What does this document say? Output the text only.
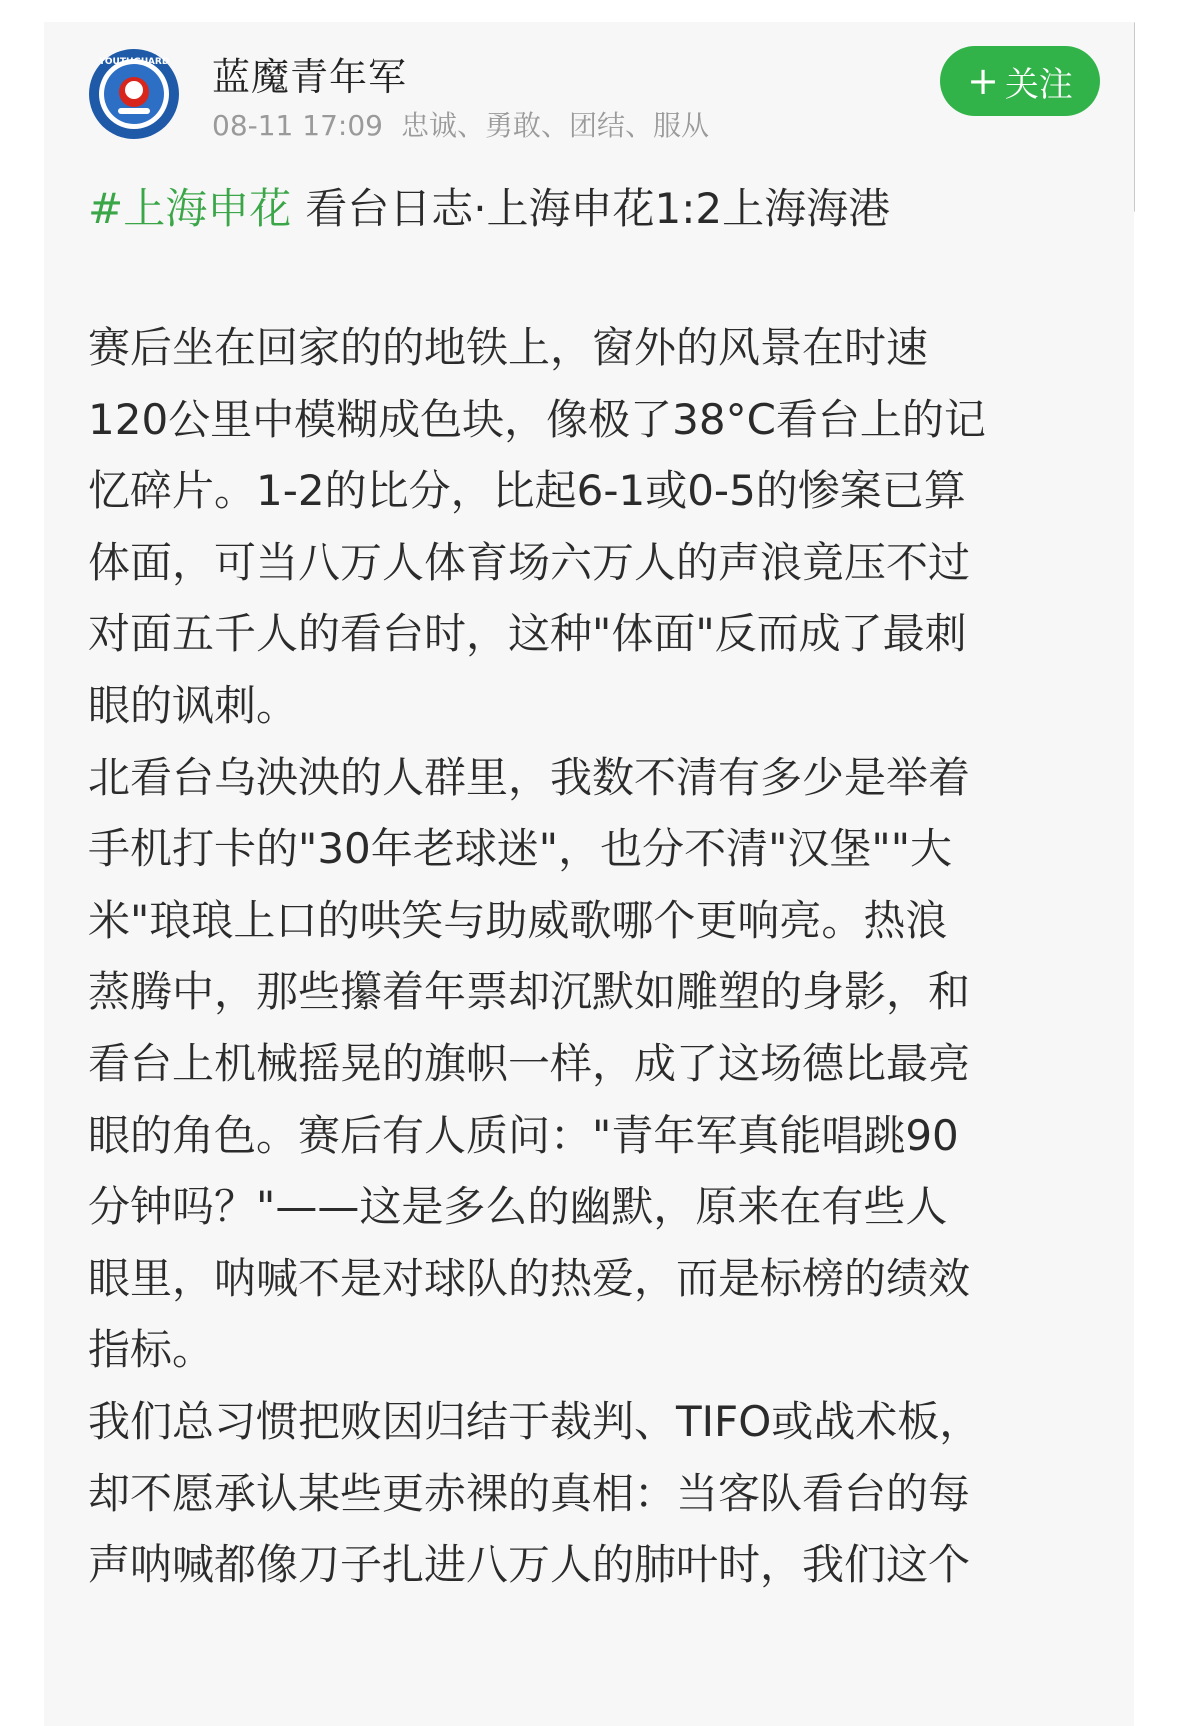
YOUTHGUARD 蓝魔青年军
08-11 17:09 忠诚、勇敢、团结、服从
+ 关注
#上海申花 看台日志·上海申花1:2上海海港
赛后坐在回家的的地铁上，窗外的风景在时速
120公里中模糊成色块，像极了38°C看台上的记
忆碎片。1-2的比分，比起6-1或0-5的惨案已算
体面，可当八万人体育场六万人的声浪竟压不过
对面五千人的看台时，这种"体面"反而成了最刺
眼的讽刺。
北看台乌泱泱的人群里，我数不清有多少是举着
手机打卡的"30年老球迷"，也分不清"汉堡""大
米"琅琅上口的哄笑与助威歌哪个更响亮。热浪
蒸腾中，那些攥着年票却沉默如雕塑的身影，和
看台上机械摇晃的旗帜一样，成了这场德比最亮
眼的角色。赛后有人质问："青年军真能唱跳90
分钟吗？"——这是多么的幽默，原来在有些人
眼里，呐喊不是对球队的热爱，而是标榜的绩效
指标。
我们总习惯把败因归结于裁判、TIFO或战术板，
却不愿承认某些更赤裸的真相：当客队看台的每
声呐喊都像刀子扎进八万人的肺叶时，我们这个
